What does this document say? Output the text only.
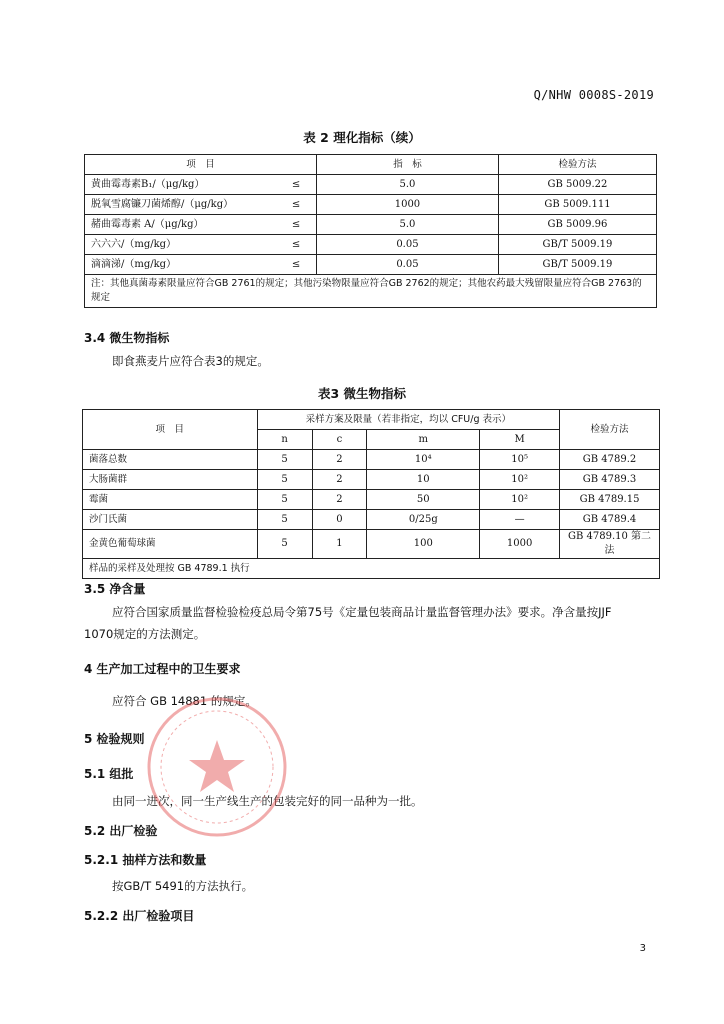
Q/NHW 0008S-2019
表 2 理化指标（续）
项　目		指　标	检验方法
黄曲霉毒素B₁/（μg/kg）	≤	5.0	GB 5009.22
脱氧雪腐镰刀菌烯醇/（μg/kg）	≤	1000	GB 5009.111
赭曲霉毒素 A/（μg/kg）	≤	5.0	GB 5009.96
六六六/（mg/kg）	≤	0.05	GB/T 5009.19
滴滴涕/（mg/kg）	≤	0.05	GB/T 5009.19
注：其他真菌毒素限量应符合GB 2761的规定；其他污染物限量应符合GB 2762的规定；其他农药最大残留限量应符合GB 2763的规定			
3.4 微生物指标
即食燕麦片应符合表3的规定。
表3 微生物指标
项　目	采样方案及限量（若非指定，均以 CFU/g 表示）				检验方法
	n	c	m	M	
菌落总数	5	2	10⁴	10⁵	GB 4789.2
大肠菌群	5	2	10	10²	GB 4789.3
霉菌	5	2	50	10²	GB 4789.15
沙门氏菌	5	0	0/25g	—	GB 4789.4
金黄色葡萄球菌	5	1	100	1000	GB 4789.10 第二法
样品的采样及处理按 GB 4789.1 执行					
3.5 净含量
应符合国家质量监督检验检疫总局令第75号《定量包装商品计量监督管理办法》要求。净含量按JJF
1070规定的方法测定。
4 生产加工过程中的卫生要求
应符合 GB 14881 的规定。
5 检验规则
5.1 组批
由同一进次，同一生产线生产的包装完好的同一品种为一批。
5.2 出厂检验
5.2.1 抽样方法和数量
按GB/T 5491的方法执行。
5.2.2 出厂检验项目
3
